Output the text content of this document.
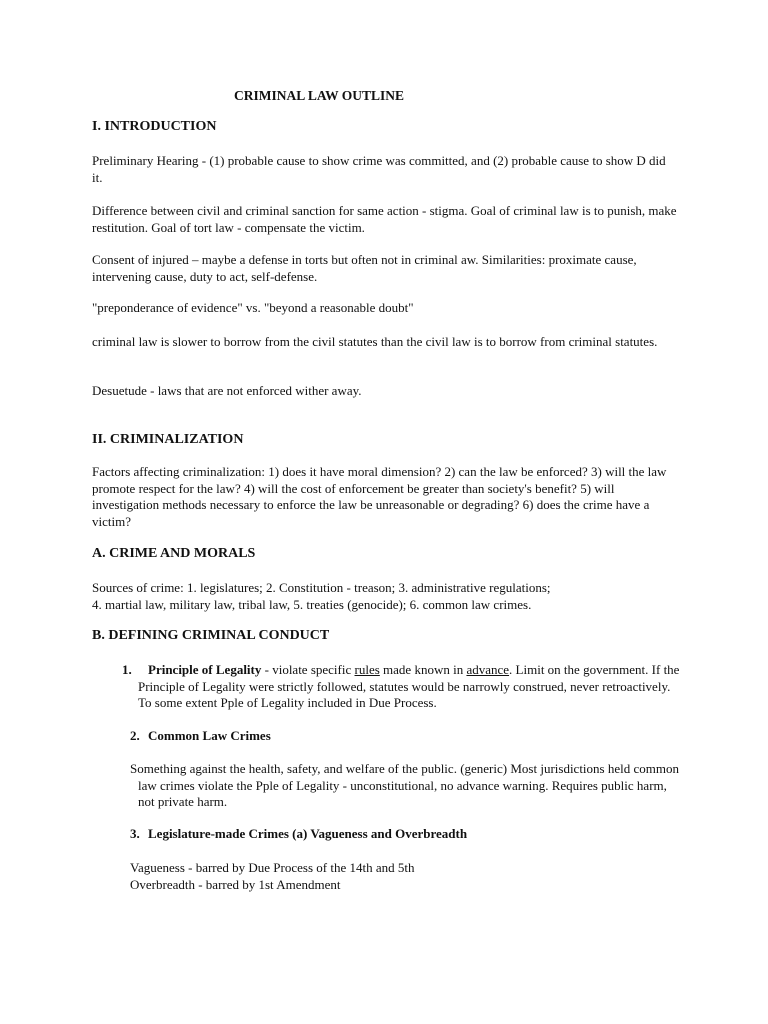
CRIMINAL LAW OUTLINE
I. INTRODUCTION

Preliminary Hearing - (1) probable cause to show crime was committed, and (2) probable cause to show D did it.

Difference between civil and criminal sanction for same action - stigma. Goal of criminal law is to punish, make restitution. Goal of tort law - compensate the victim.

Consent of injured – maybe a defense in torts but often not in criminal aw. Similarities: proximate cause, intervening cause, duty to act, self-defense.

"preponderance of evidence" vs. "beyond a reasonable doubt"

criminal law is slower to borrow from the civil statutes than the civil law is to borrow from criminal statutes.

Desuetude - laws that are not enforced wither away.

II. CRIMINALIZATION

Factors affecting criminalization: 1) does it have moral dimension? 2) can the law be enforced? 3) will the law promote respect for the law? 4) will the cost of enforcement be greater than society's benefit? 5) will investigation methods necessary to enforce the law be unreasonable or degrading? 6) does the crime have a victim?

A. CRIME AND MORALS

Sources of crime: 1. legislatures; 2. Constitution - treason; 3. administrative regulations;
4. martial law, military law, tribal law, 5. treaties (genocide); 6. common law crimes.

B. DEFINING CRIMINAL CONDUCT

1. Principle of Legality - violate specific rules made known in advance. Limit on the government. If the Principle of Legality were strictly followed, statutes would be narrowly construed, never retroactively. To some extent Pple of Legality included in Due Process.

2. Common Law Crimes

Something against the health, safety, and welfare of the public. (generic) Most jurisdictions held common law crimes violate the Pple of Legality - unconstitutional, no advance warning. Requires public harm, not private harm.

3. Legislature-made Crimes (a) Vagueness and Overbreadth

Vagueness - barred by Due Process of the 14th and 5th
Overbreadth - barred by 1st Amendment
